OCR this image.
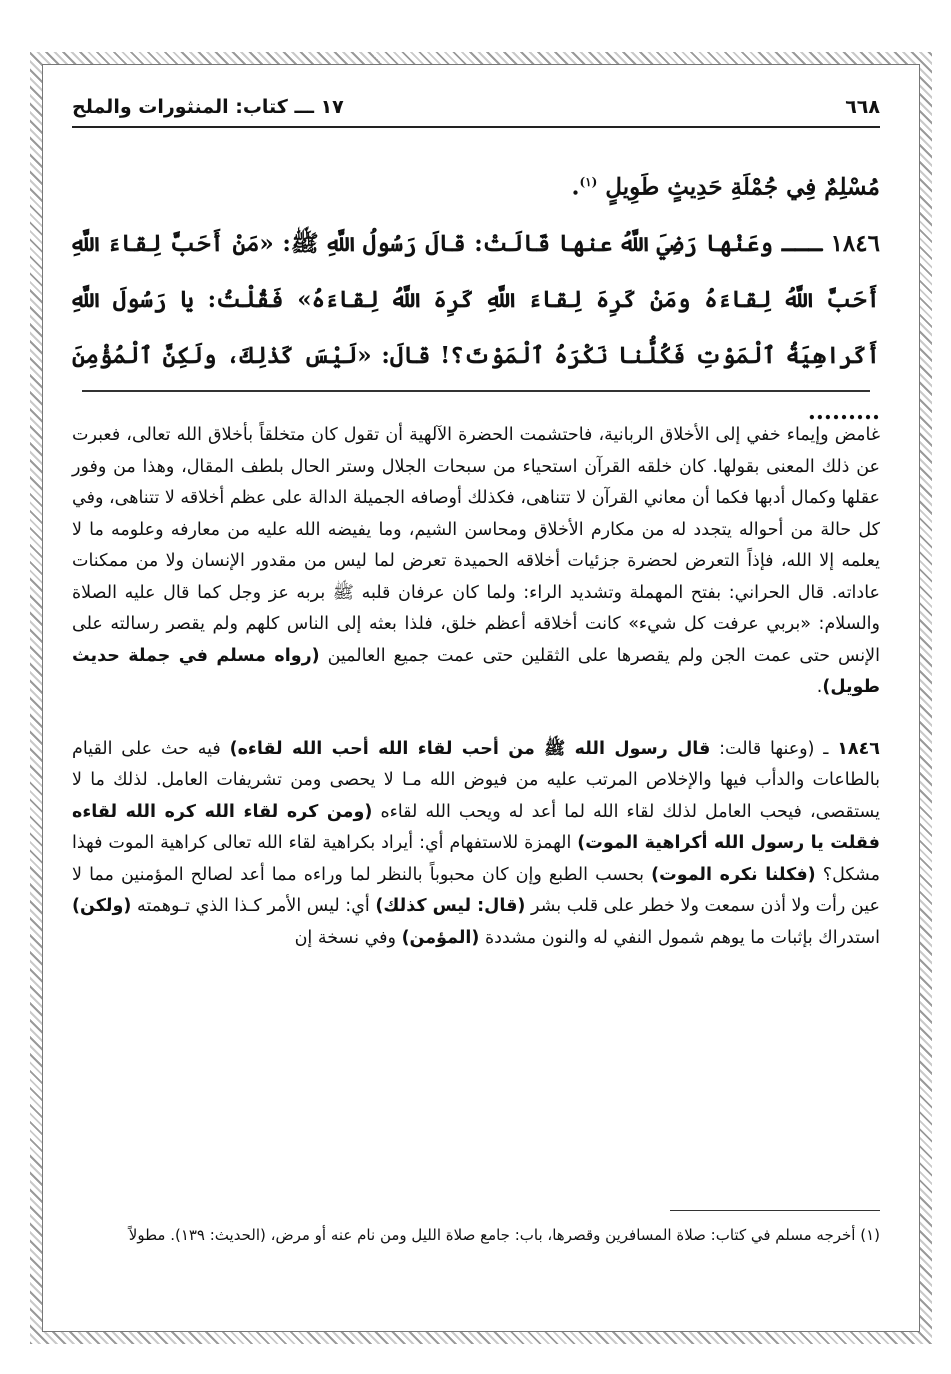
٦٦٨
١٧ ـــ كتاب: المنثورات والملح

مُسْلِمٌ فِي جُمْلَةِ حَدِيثٍ طَوِيلٍ $^{(١)}$.

١٨٤٦ ـــ وعَنْها رَضِيَ اللَّهُ عنها قَالَتْ: قالَ رَسُولُ اللَّهِ ﷺ: «مَنْ أَحَبَّ لِقاءَ اللَّهِ أَحَبَّ اللَّهُ لِقاءَهُ ومَنْ كَرِهَ لِقاءَ اللَّهِ كَرِهَ اللَّهُ لِقاءَهُ» فَقُلْتُ: يا رَسُولَ اللَّهِ أَكَراهِيَةُ ٱلْمَوْتِ فَكُلُّنا نَكْرَهُ ٱلْمَوْتَ؟! قالَ: «لَيْسَ كَذٰلِكَ، ولَكِنَّ ٱلْمُؤْمِنَ .........

غامض وإيماء خفي إلى الأخلاق الربانية، فاحتشمت الحضرة الآلهية أن تقول كان متخلقاً بأخلاق الله تعالى، فعبرت عن ذلك المعنى بقولها. كان خلقه القرآن استحياء من سبحات الجلال وستر الحال بلطف المقال، وهذا من وفور عقلها وكمال أدبها فكما أن معاني القرآن لا تتناهى، فكذلك أوصافه الجميلة الدالة على عظم أخلاقه لا تتناهى، وفي كل حالة من أحواله يتجدد له من مكارم الأخلاق ومحاسن الشيم، وما يفيضه الله عليه من معارفه وعلومه ما لا يعلمه إلا الله، فإذاً التعرض لحضرة جزئيات أخلاقه الحميدة تعرض لما ليس من مقدور الإنسان ولا من ممكنات عاداته. قال الحراني: بفتح المهملة وتشديد الراء: ولما كان عرفان قلبه ﷺ بربه عز وجل كما قال عليه الصلاة والسلام: «بربي عرفت كل شيء» كانت أخلاقه أعظم خلق، فلذا بعثه إلى الناس كلهم ولم يقصر رسالته على الإنس حتى عمت الجن ولم يقصرها على الثقلين حتى عمت جميع العالمين (رواه مسلم في جملة حديث طويل).

١٨٤٦ ـ (وعنها قالت: قال رسول الله ﷺ من أحب لقاء الله أحب الله لقاءه) فيه حث على القيام بالطاعات والدأب فيها والإخلاص المرتب عليه من فيوض الله مـا لا يحصى ومن تشريفات العامل. لذلك ما لا يستقصى، فيحب العامل لذلك لقاء الله لما أعد له ويحب الله لقاءه (ومن كره لقاء الله كره الله لقاءه فقلت يا رسول الله أكراهية الموت) الهمزة للاستفهام أي: أيراد بكراهية لقاء الله تعالى كراهية الموت فهذا مشكل؟ (فكلنا نكره الموت) بحسب الطبع وإن كان محبوباً بالنظر لما وراءه مما أعد لصالح المؤمنين مما لا عين رأت ولا أذن سمعت ولا خطر على قلب بشر (قال: ليس كذلك) أي: ليس الأمر كـذا الذي تـوهمته (ولكن) استدراك بإثبات ما يوهم شمول النفي له والنون مشددة (المؤمن) وفي نسخة إن

(١) أخرجه مسلم في كتاب: صلاة المسافرين وقصرها، باب: جامع صلاة الليل ومن نام عنه أو مرض، (الحديث: ١٣٩). مطولاً
